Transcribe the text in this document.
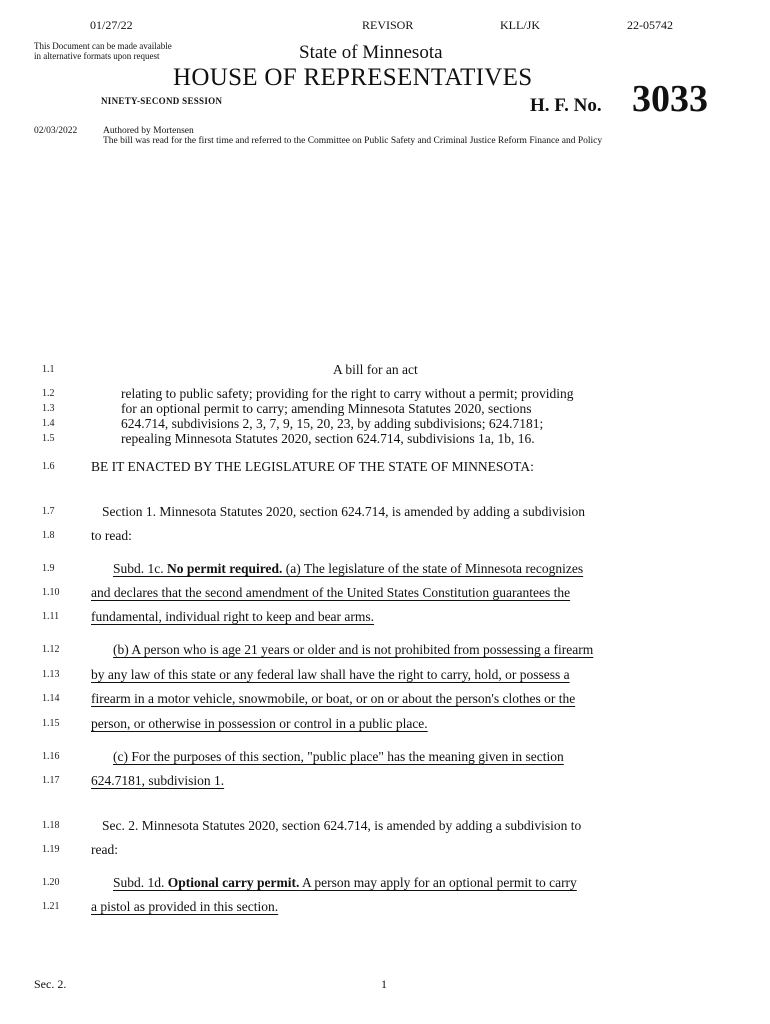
01/27/22	REVISOR	KLL/JK	22-05742
This Document can be made available
in alternative formats upon request	State of Minnesota
HOUSE OF REPRESENTATIVES
NINETY-SECOND SESSION	H. F. No. 3033
02/03/2022	Authored by Mortensen
The bill was read for the first time and referred to the Committee on Public Safety and Criminal Justice Reform Finance and Policy
1.1	A bill for an act
1.2	relating to public safety; providing for the right to carry without a permit; providing
1.3	for an optional permit to carry; amending Minnesota Statutes 2020, sections
1.4	624.714, subdivisions 2, 3, 7, 9, 15, 20, 23, by adding subdivisions; 624.7181;
1.5	repealing Minnesota Statutes 2020, section 624.714, subdivisions 1a, 1b, 16.
1.6	BE IT ENACTED BY THE LEGISLATURE OF THE STATE OF MINNESOTA:
1.7	Section 1. Minnesota Statutes 2020, section 624.714, is amended by adding a subdivision
1.8	to read:
1.9	Subd. 1c. No permit required. (a) The legislature of the state of Minnesota recognizes
1.10 and declares that the second amendment of the United States Constitution guarantees the
1.11 fundamental, individual right to keep and bear arms.
1.12	(b) A person who is age 21 years or older and is not prohibited from possessing a firearm
1.13 by any law of this state or any federal law shall have the right to carry, hold, or possess a
1.14 firearm in a motor vehicle, snowmobile, or boat, or on or about the person's clothes or the
1.15 person, or otherwise in possession or control in a public place.
1.16	(c) For the purposes of this section, "public place" has the meaning given in section
1.17 624.7181, subdivision 1.
1.18	Sec. 2. Minnesota Statutes 2020, section 624.714, is amended by adding a subdivision to
1.19 read:
1.20	Subd. 1d. Optional carry permit. A person may apply for an optional permit to carry
1.21 a pistol as provided in this section.
Sec. 2.	1
